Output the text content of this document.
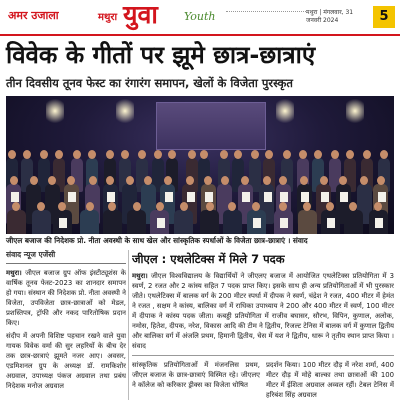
अमर उजाला	मथुरा युवा Youth	मथुरा | मंगलवार, 31 जनवरी 2024	5
विवेक के गीतों पर झूमे छात्र-छात्राएं
तीन दिवसीय तूनव फेस्ट का रंगारंग समापन, खेलों के विजेता पुरस्कृत
जीएल बजाज की निदेशक प्रो. नीता अवस्थी के साथ खेल और सांस्कृतिक स्पर्धाओं के विजेता छात्र-छात्राएं । संवाद
संवाद न्यूज एजेंसी

मथुरा। जीएल बजाज ग्रुप ऑफ इंस्टीट्यूशंस के वार्षिक तूनव फेस्ट-2023 का शानदार समापन हो गया। संस्थान की निदेशक प्रो. नीता अवस्थी ने विजेता, उपविजेता छात्र-छात्राओं को मेडल, प्रशस्तिपत्र, ट्रॉफी और नकद पारितोषिक प्रदान किए।

संदीप में अपनी विशिष्ट पहचान रखने वाले युवा गायक विवेक वर्मा की सुर लहरियों के बीच देर तक छात्र-छात्राएं झूमते नजर आए। अवसर, एडमिशनल ग्रुप के अध्यक्ष डॉ. रामकिशोर अग्रवाल, उपाध्यक्ष पंकज अग्रवाल तथा प्रबंध निदेशक मनोज अग्रवाल

जीएल : एथलेटिक्स में मिले 7 पदक

मथुरा। जीएल विश्वविद्यालय के विद्यार्थियों ने जीएलए बजाज में आयोजित एथलेटिक्स प्रतियोगिता में 3 स्वर्ण, 2 रजत और 2 कांस्य सहित 7 पदक प्राप्त किए। इसके साथ ही अन्य प्रतियोगिताओं में भी पुरस्कार जीते। एथलेटिक्स में बालक वर्ग के 200 मीटर स्पर्धा में दीपक ने स्वर्ण, चंद्रेश ने रजत, 400 मीटर में हेमंत ने रजत , सक्षम ने कांस्य, बालिका वर्ग में राधिका उपाध्याय ने 200 और 400 मीटर में स्वर्ण, 100 मीटर में दीपाक ने कांस्य पदक जीता। कबड्डी प्रतियोगिता में राजीव बघासर, सौरभ, विपिन, कुणाल, अलोक, नमोस, हितेश, दीपक, नरेश, विकास आदि की टीम ने द्वितीय, रिजल्ट टेनिस में बालक वर्ग में कुणाल द्वितीय और बालिका वर्ग में अंजलि प्रथम, हिमानी द्वितीय, चेस में यश ने द्वितीय, धारू ने तृतीय स्थान प्राप्त किया । संवाद

सांस्कृतिक प्रतियोगिताओं में मंजनलिस प्रथम, जीएल बजाज के छात्र-छात्राएं विस्मित रहे। जीएलए ने कॉलेज को करिकार ड्रीक्स का विजेता धोषित

प्रदर्शन किया। 100 मीटर दौड़ में नरेश शर्मा, 400 मीटर दौड़ में मोहे बाल्का तथा छात्राओं की 100 मीटर में ईशिता अग्रवाल अव्वल रहीं। टेबल टेनिस में हरिबंश सिंह अग्रवाल
